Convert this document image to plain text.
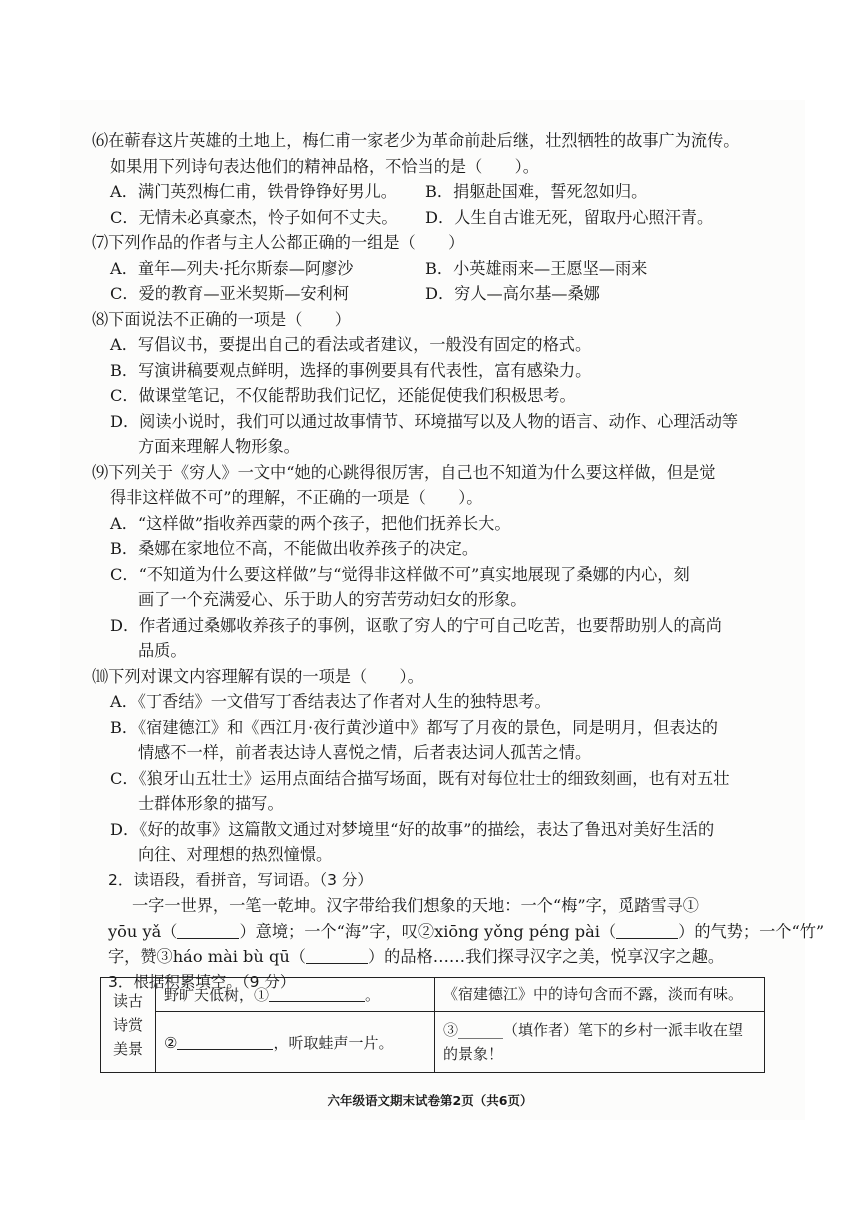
⑹在蕲春这片英雄的土地上，梅仁甫一家老少为革命前赴后继，壮烈牺牲的故事广为流传。
如果用下列诗句表达他们的精神品格，不恰当的是（　　）。
A．满门英烈梅仁甫，铁骨铮铮好男儿。	B．捐躯赴国难，誓死忽如归。
C．无情未必真豪杰，怜子如何不丈夫。	D．人生自古谁无死，留取丹心照汗青。
⑺下列作品的作者与主人公都正确的一组是（　　）
A．童年—列夫·托尔斯泰—阿廖沙	B．小英雄雨来—王愿坚—雨来
C．爱的教育—亚米契斯—安利柯	D．穷人—高尔基—桑娜
⑻下面说法不正确的一项是（　　）
A．写倡议书，要提出自己的看法或者建议，一般没有固定的格式。
B．写演讲稿要观点鲜明，选择的事例要具有代表性，富有感染力。
C．做课堂笔记，不仅能帮助我们记忆，还能促使我们积极思考。
D．阅读小说时，我们可以通过故事情节、环境描写以及人物的语言、动作、心理活动等
方面来理解人物形象。
⑼下列关于《穷人》一文中“她的心跳得很厉害，自己也不知道为什么要这样做，但是觉
得非这样做不可”的理解，不正确的一项是（　　）。
A．“这样做”指收养西蒙的两个孩子，把他们抚养长大。
B．桑娜在家地位不高，不能做出收养孩子的决定。
C．“不知道为什么要这样做”与“觉得非这样做不可”真实地展现了桑娜的内心，刻
画了一个充满爱心、乐于助人的穷苦劳动妇女的形象。
D．作者通过桑娜收养孩子的事例，讴歌了穷人的宁可自己吃苦，也要帮助别人的高尚
品质。
⑽下列对课文内容理解有误的一项是（　　）。
A．《丁香结》一文借写丁香结表达了作者对人生的独特思考。
B．《宿建德江》和《西江月·夜行黄沙道中》都写了月夜的景色，同是明月，但表达的
情感不一样，前者表达诗人喜悦之情，后者表达词人孤苦之情。
C．《狼牙山五壮士》运用点面结合描写场面，既有对每位壮士的细致刻画，也有对五壮
士群体形象的描写。
D．《好的故事》这篇散文通过对梦境里“好的故事”的描绘，表达了鲁迅对美好生活的
向往、对理想的热烈憧憬。
2．读语段，看拼音，写词语。（3 分）
一字一世界，一笔一乾坤。汉字带给我们想象的天地：一个“梅”字，觅踏雪寻①
yōu yǎ（	）意境；一个“海”字，叹②xiōng yǒng péng pài（	）的气势；一个“竹”
字，赞③háo mài bù qū（	）的品格……我们探寻汉字之美，悦享汉字之趣。
3．根据积累填空。（9 分）
读古
诗赏
美景	野旷天低树，① 。	《宿建德江》中的诗句含而不露，淡而有味。
	② ，听取蛙声一片。	③______（填作者）笔下的乡村一派丰收在望的景象！
六年级语文期末试卷第2页（共6页）
